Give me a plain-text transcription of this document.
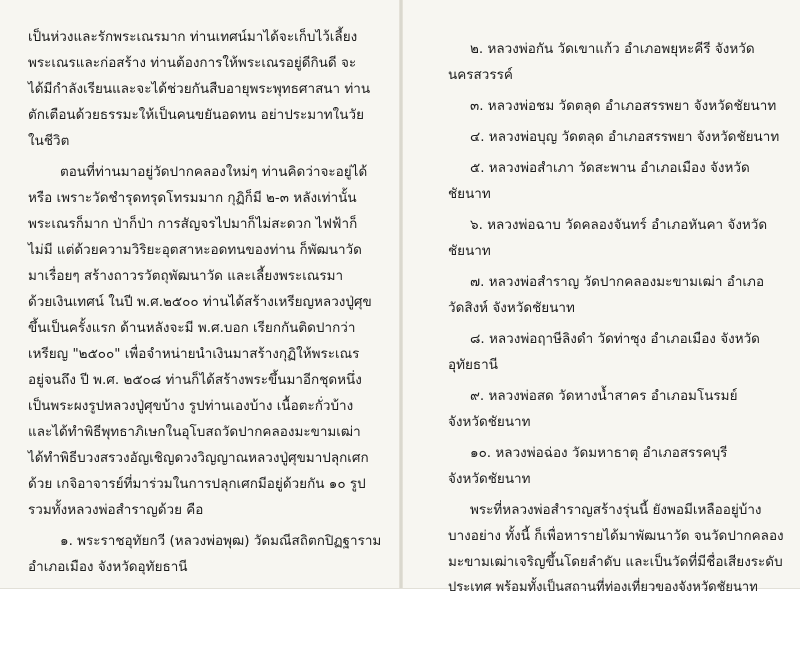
เป็นห่วงและรักพระเณรมาก ท่านเทศน์มาได้จะเก็บไว้เลี้ยง
พระเณรและก่อสร้าง ท่านต้องการให้พระเณรอยู่ดีกินดี จะ
ได้มีกำลังเรียนและจะได้ช่วยกันสืบอายุพระพุทธศาสนา ท่าน
ตักเตือนด้วยธรรมะให้เป็นคนขยันอดทน อย่าประมาทในวัย
ในชีวิต
ตอนที่ท่านมาอยู่วัดปากคลองใหม่ๆ ท่านคิดว่าจะอยู่ได้
หรือ เพราะวัดชำรุดทรุดโทรมมาก กุฏิก็มี ๒-๓ หลังเท่านั้น
พระเณรก็มาก ป่าก็ป่า การสัญจรไปมาก็ไม่สะดวก ไฟฟ้าก็
ไม่มี แต่ด้วยความวิริยะอุตสาหะอดทนของท่าน ก็พัฒนาวัด
มาเรื่อยๆ สร้างถาวรวัตถุพัฒนาวัด และเลี้ยงพระเณรมา
ด้วยเงินเทศน์ ในปี พ.ศ.๒๕๐๐ ท่านได้สร้างเหรียญหลวงปู่ศุข
ขึ้นเป็นครั้งแรก ด้านหลังจะมี พ.ศ.บอก เรียกกันติดปากว่า
เหรียญ "๒๕๐๐" เพื่อจำหน่ายนำเงินมาสร้างกุฏิให้พระเณร
อยู่จนถึง ปี พ.ศ. ๒๕๐๘ ท่านก็ได้สร้างพระขึ้นมาอีกชุดหนึ่ง
เป็นพระผงรูปหลวงปู่ศุขบ้าง รูปท่านเองบ้าง เนื้อตะกั่วบ้าง
และได้ทำพิธีพุทธาภิเษกในอุโบสถวัดปากคลองมะขามเฒ่า
ได้ทำพิธีบวงสรวงอัญเชิญดวงวิญญาณหลวงปู่ศุขมาปลุกเศก
ด้วย เกจิอาจารย์ที่มาร่วมในการปลุกเศกมีอยู่ด้วยกัน ๑๐ รูป
รวมทั้งหลวงพ่อสำราญด้วย คือ
๑. พระราชอุทัยกวี (หลวงพ่อพุฒ) วัดมณีสถิตกปิฏฐาราม
อำเภอเมือง จังหวัดอุทัยธานี
๒. หลวงพ่อกัน วัดเขาแก้ว อำเภอพยุหะคีรี จังหวัด
นครสวรรค์
๓. หลวงพ่อชม วัดตลุด อำเภอสรรพยา จังหวัดชัยนาท
๔. หลวงพ่อบุญ วัดตลุด อำเภอสรรพยา จังหวัดชัยนาท
๕. หลวงพ่อสำเภา วัดสะพาน อำเภอเมือง จังหวัด
ชัยนาท
๖. หลวงพ่อฉาบ วัดคลองจันทร์ อำเภอหันคา จังหวัด
ชัยนาท
๗. หลวงพ่อสำราญ วัดปากคลองมะขามเฒ่า อำเภอ
วัดสิงห์ จังหวัดชัยนาท
๘. หลวงพ่อฤาษีลิงดำ วัดท่าซุง อำเภอเมือง จังหวัด
อุทัยธานี
๙. หลวงพ่อสด วัดหางน้ำสาคร อำเภอมโนรมย์
จังหวัดชัยนาท
๑๐. หลวงพ่อฉ่อง วัดมหาธาตุ อำเภอสรรคบุรี
จังหวัดชัยนาท
พระที่หลวงพ่อสำราญสร้างรุ่นนี้ ยังพอมีเหลืออยู่บ้าง
บางอย่าง ทั้งนี้ ก็เพื่อหารายได้มาพัฒนาวัด จนวัดปากคลอง
มะขามเฒ่าเจริญขึ้นโดยลำดับ และเป็นวัดที่มีชื่อเสียงระดับ
ประเทศ พร้อมทั้งเป็นสถานที่ท่องเที่ยวของจังหวัดชัยนาท
